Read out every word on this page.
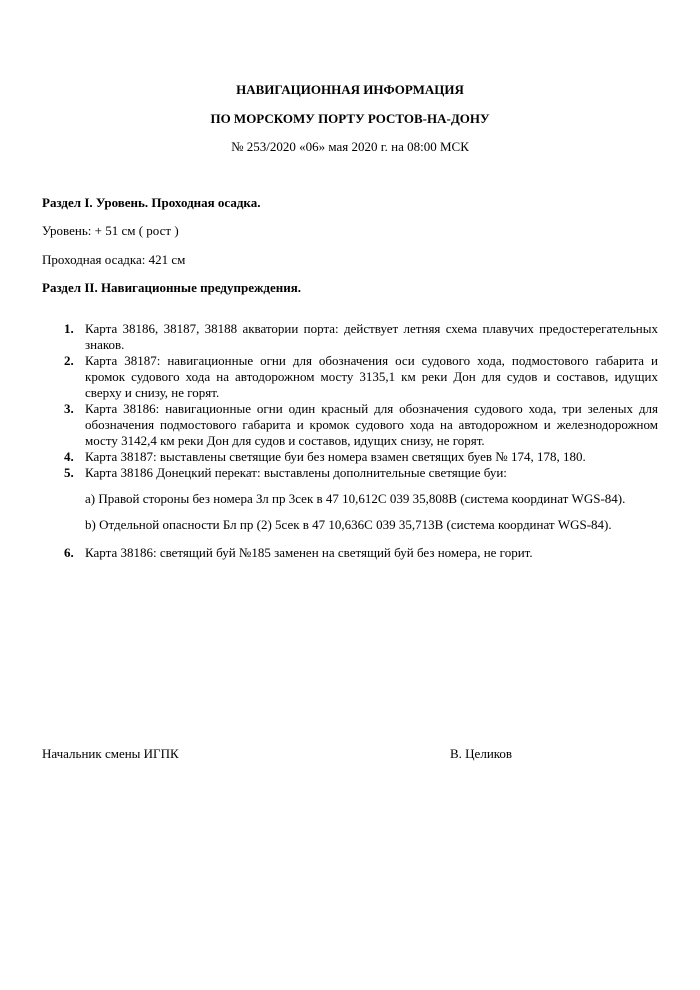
НАВИГАЦИОННАЯ ИНФОРМАЦИЯ
ПО МОРСКОМУ ПОРТУ РОСТОВ-НА-ДОНУ
№ 253/2020 «06» мая 2020 г. на 08:00 МСК
Раздел I. Уровень. Проходная осадка.
Уровень: + 51 см ( рост )
Проходная осадка: 421 см
Раздел II. Навигационные предупреждения.
1. Карта 38186, 38187, 38188 акватории порта: действует летняя схема плавучих предостерегательных знаков.
2. Карта 38187: навигационные огни для обозначения оси судового хода, подмостового габарита и кромок судового хода на автодорожном мосту 3135,1 км реки Дон для судов и составов, идущих сверху и снизу, не горят.
3. Карта 38186: навигационные огни один красный для обозначения судового хода, три зеленых для обозначения подмостового габарита и кромок судового хода на автодорожном и железнодорожном мосту 3142,4 км реки Дон для судов и составов, идущих снизу, не горят.
4. Карта 38187: выставлены светящие буи без номера взамен светящих буев № 174, 178, 180.
5. Карта 38186 Донецкий перекат: выставлены дополнительные светящие буи:
a) Правой стороны без номера Зл пр 3сек в 47 10,612С 039 35,808В (система координат WGS-84).
b) Отдельной опасности Бл пр (2) 5сек в 47 10,636С 039 35,713В (система координат WGS-84).
6. Карта 38186: светящий буй №185 заменен на светящий буй без номера, не горит.
Начальник смены ИГПК	В. Целиков
